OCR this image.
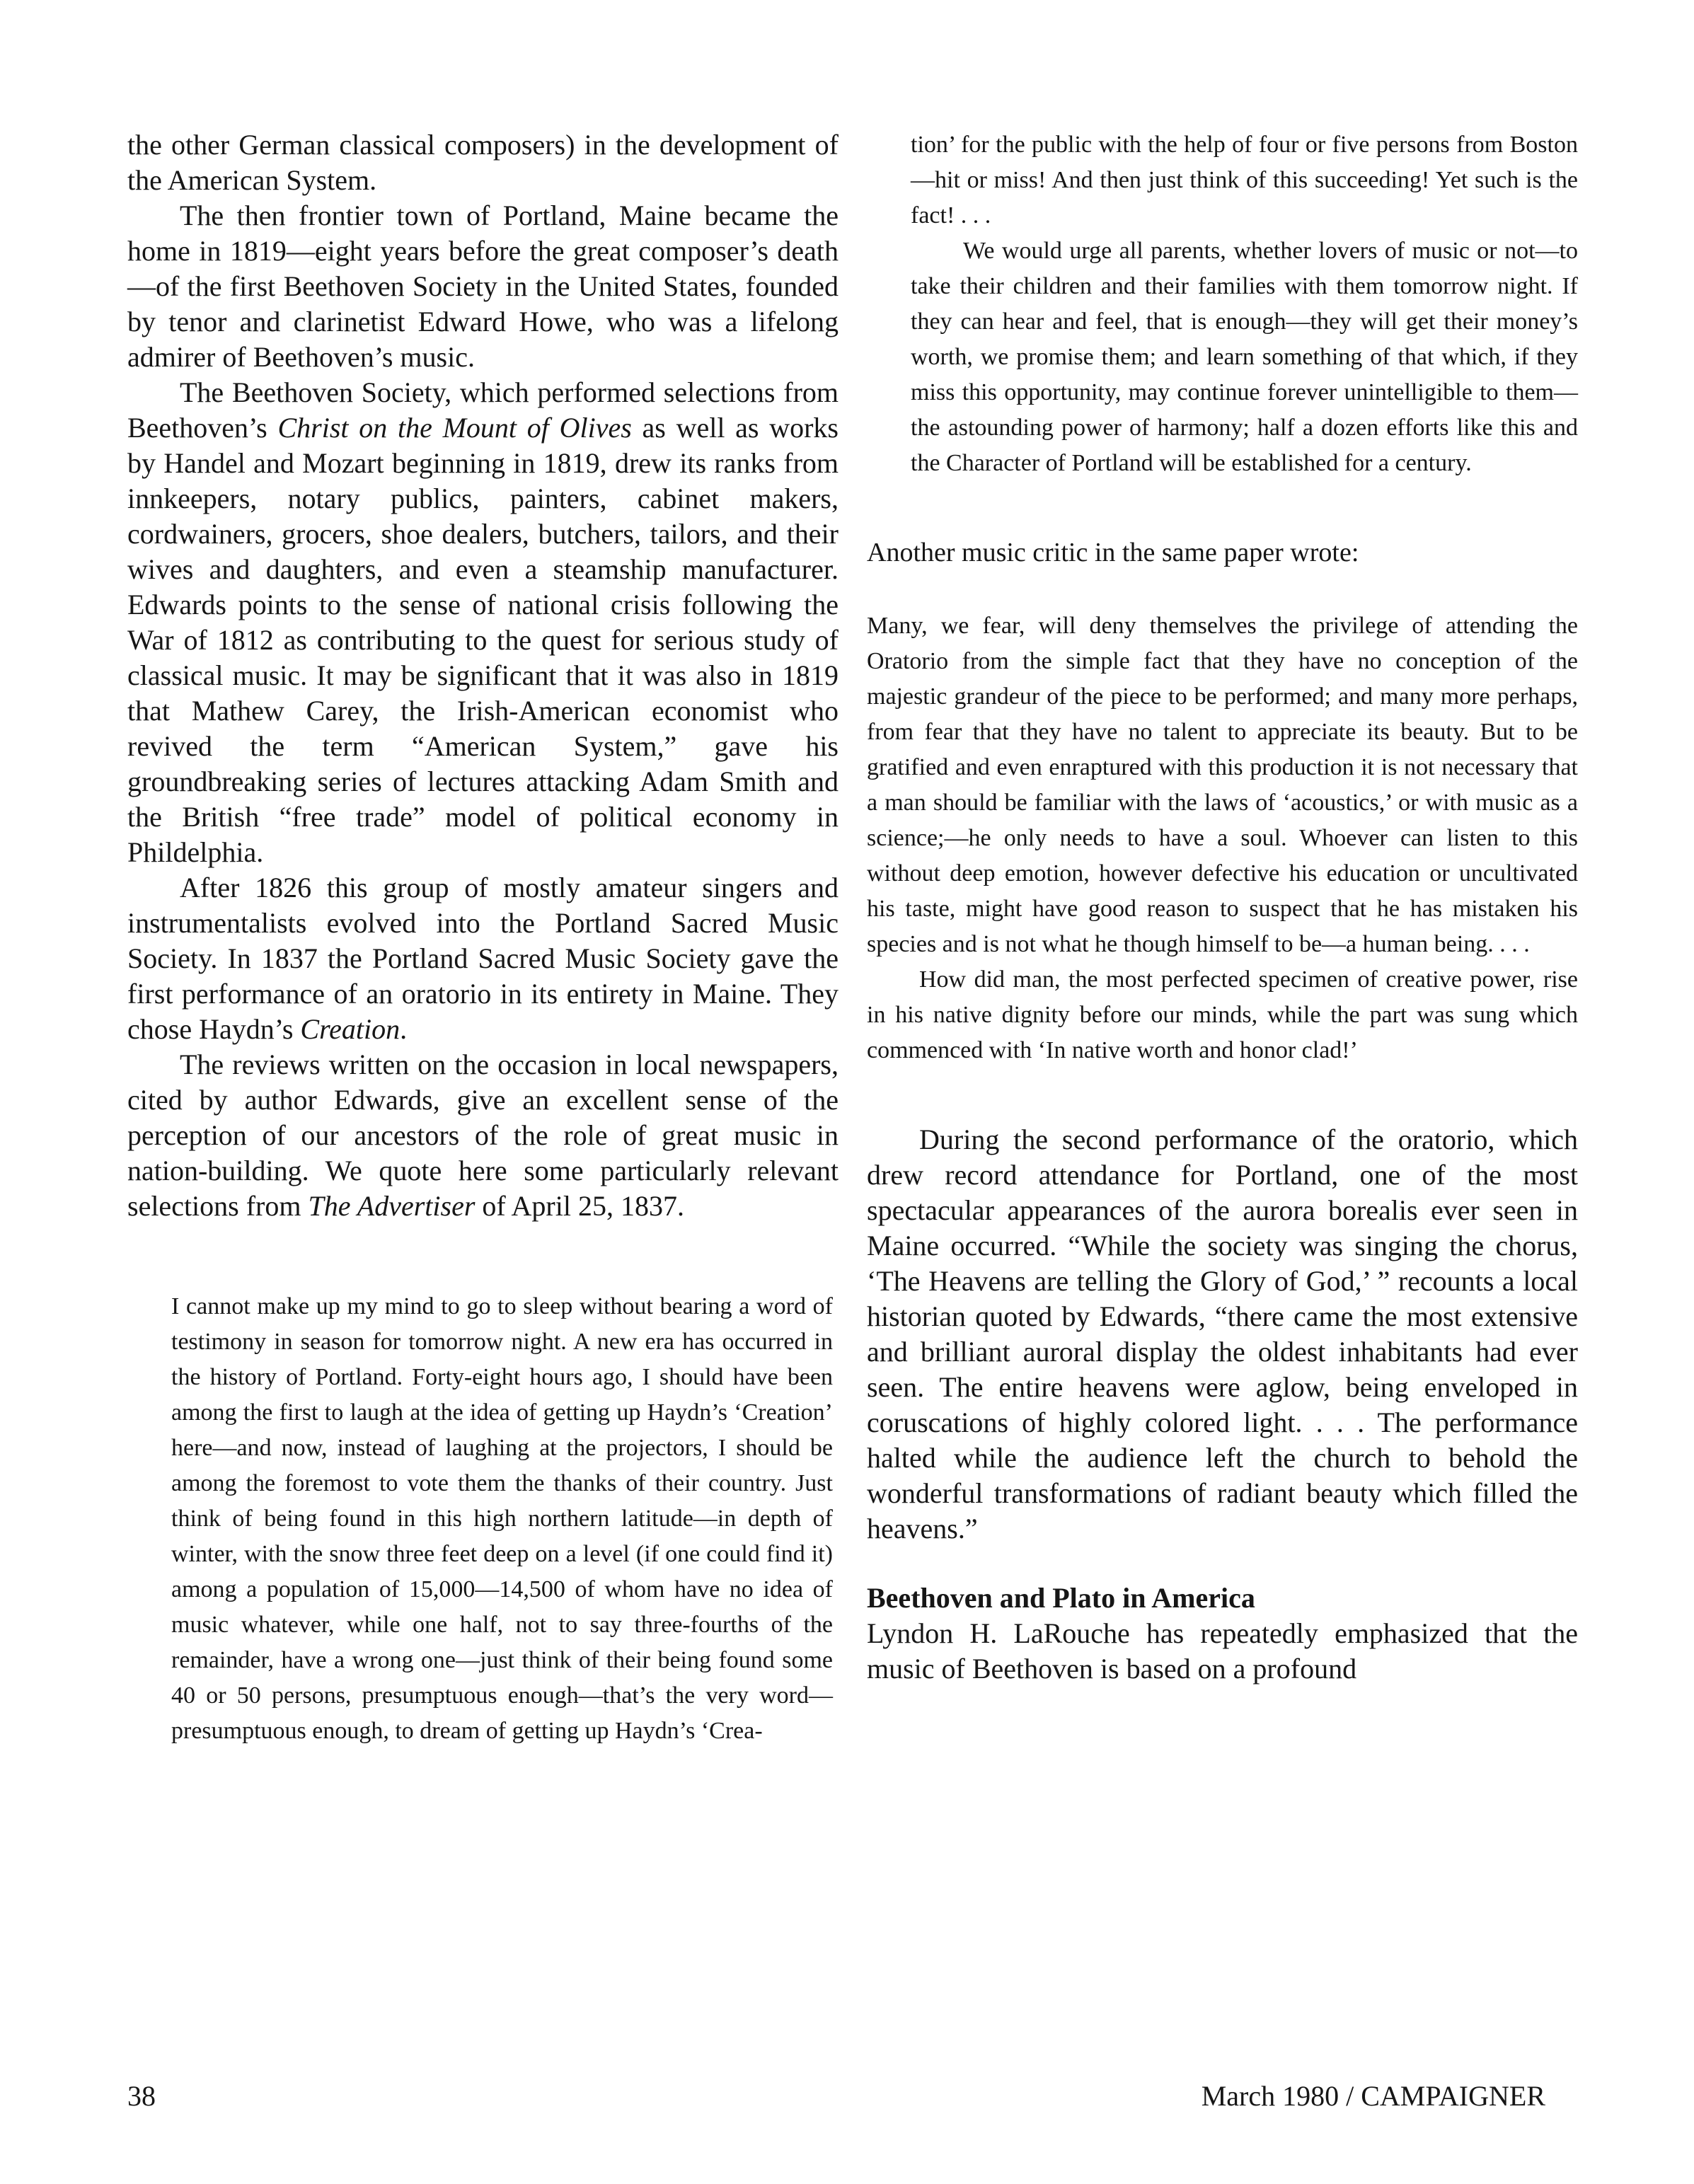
the other German classical composers) in the development of the American System.

The then frontier town of Portland, Maine became the home in 1819—eight years before the great composer’s death—of the first Beethoven Society in the United States, founded by tenor and clarinetist Edward Howe, who was a lifelong admirer of Beethoven’s music.

The Beethoven Society, which performed selections from Beethoven’s Christ on the Mount of Olives as well as works by Handel and Mozart beginning in 1819, drew its ranks from innkeepers, notary publics, painters, cabinet makers, cordwainers, grocers, shoe dealers, butchers, tailors, and their wives and daughters, and even a steamship manufacturer. Edwards points to the sense of national crisis following the War of 1812 as contributing to the quest for serious study of classical music. It may be significant that it was also in 1819 that Mathew Carey, the Irish-American economist who revived the term “American System,” gave his groundbreaking series of lectures attacking Adam Smith and the British “free trade” model of political economy in Phildelphia.

After 1826 this group of mostly amateur singers and instrumentalists evolved into the Portland Sacred Music Society. In 1837 the Portland Sacred Music Society gave the first performance of an oratorio in its entirety in Maine. They chose Haydn’s Creation.

The reviews written on the occasion in local newspapers, cited by author Edwards, give an excellent sense of the perception of our ancestors of the role of great music in nation-building. We quote here some particularly relevant selections from The Advertiser of April 25, 1837.

I cannot make up my mind to go to sleep without bearing a word of testimony in season for tomorrow night. A new era has occurred in the history of Portland. Forty-eight hours ago, I should have been among the first to laugh at the idea of getting up Haydn’s ‘Creation’ here—and now, instead of laughing at the projectors, I should be among the foremost to vote them the thanks of their country. Just think of being found in this high northern latitude—in depth of winter, with the snow three feet deep on a level (if one could find it) among a population of 15,000—14,500 of whom have no idea of music whatever, while one half, not to say three-fourths of the remainder, have a wrong one—just think of their being found some 40 or 50 persons, presumptuous enough—that’s the very word—presumptuous enough, to dream of getting up Haydn’s ‘Crea-

tion’ for the public with the help of four or five persons from Boston—hit or miss! And then just think of this succeeding! Yet such is the fact! . . .

We would urge all parents, whether lovers of music or not—to take their children and their families with them tomorrow night. If they can hear and feel, that is enough—they will get their money’s worth, we promise them; and learn something of that which, if they miss this opportunity, may continue forever unintelligible to them—the astounding power of harmony; half a dozen efforts like this and the Character of Portland will be established for a century.

Another music critic in the same paper wrote:

Many, we fear, will deny themselves the privilege of attending the Oratorio from the simple fact that they have no conception of the majestic grandeur of the piece to be performed; and many more perhaps, from fear that they have no talent to appreciate its beauty. But to be gratified and even enraptured with this production it is not necessary that a man should be familiar with the laws of ‘acoustics,’ or with music as a science;—he only needs to have a soul. Whoever can listen to this without deep emotion, however defective his education or uncultivated his taste, might have good reason to suspect that he has mistaken his species and is not what he though himself to be—a human being. . . .

How did man, the most perfected specimen of creative power, rise in his native dignity before our minds, while the part was sung which commenced with ‘In native worth and honor clad!’

During the second performance of the oratorio, which drew record attendance for Portland, one of the most spectacular appearances of the aurora borealis ever seen in Maine occurred. “While the society was singing the chorus, ‘The Heavens are telling the Glory of God,’ ” recounts a local historian quoted by Edwards, “there came the most extensive and brilliant auroral display the oldest inhabitants had ever seen. The entire heavens were aglow, being enveloped in coruscations of highly colored light. . . . The performance halted while the audience left the church to behold the wonderful transformations of radiant beauty which filled the heavens.”

Beethoven and Plato in America

Lyndon H. LaRouche has repeatedly emphasized that the music of Beethoven is based on a profound

38	March 1980 / CAMPAIGNER
